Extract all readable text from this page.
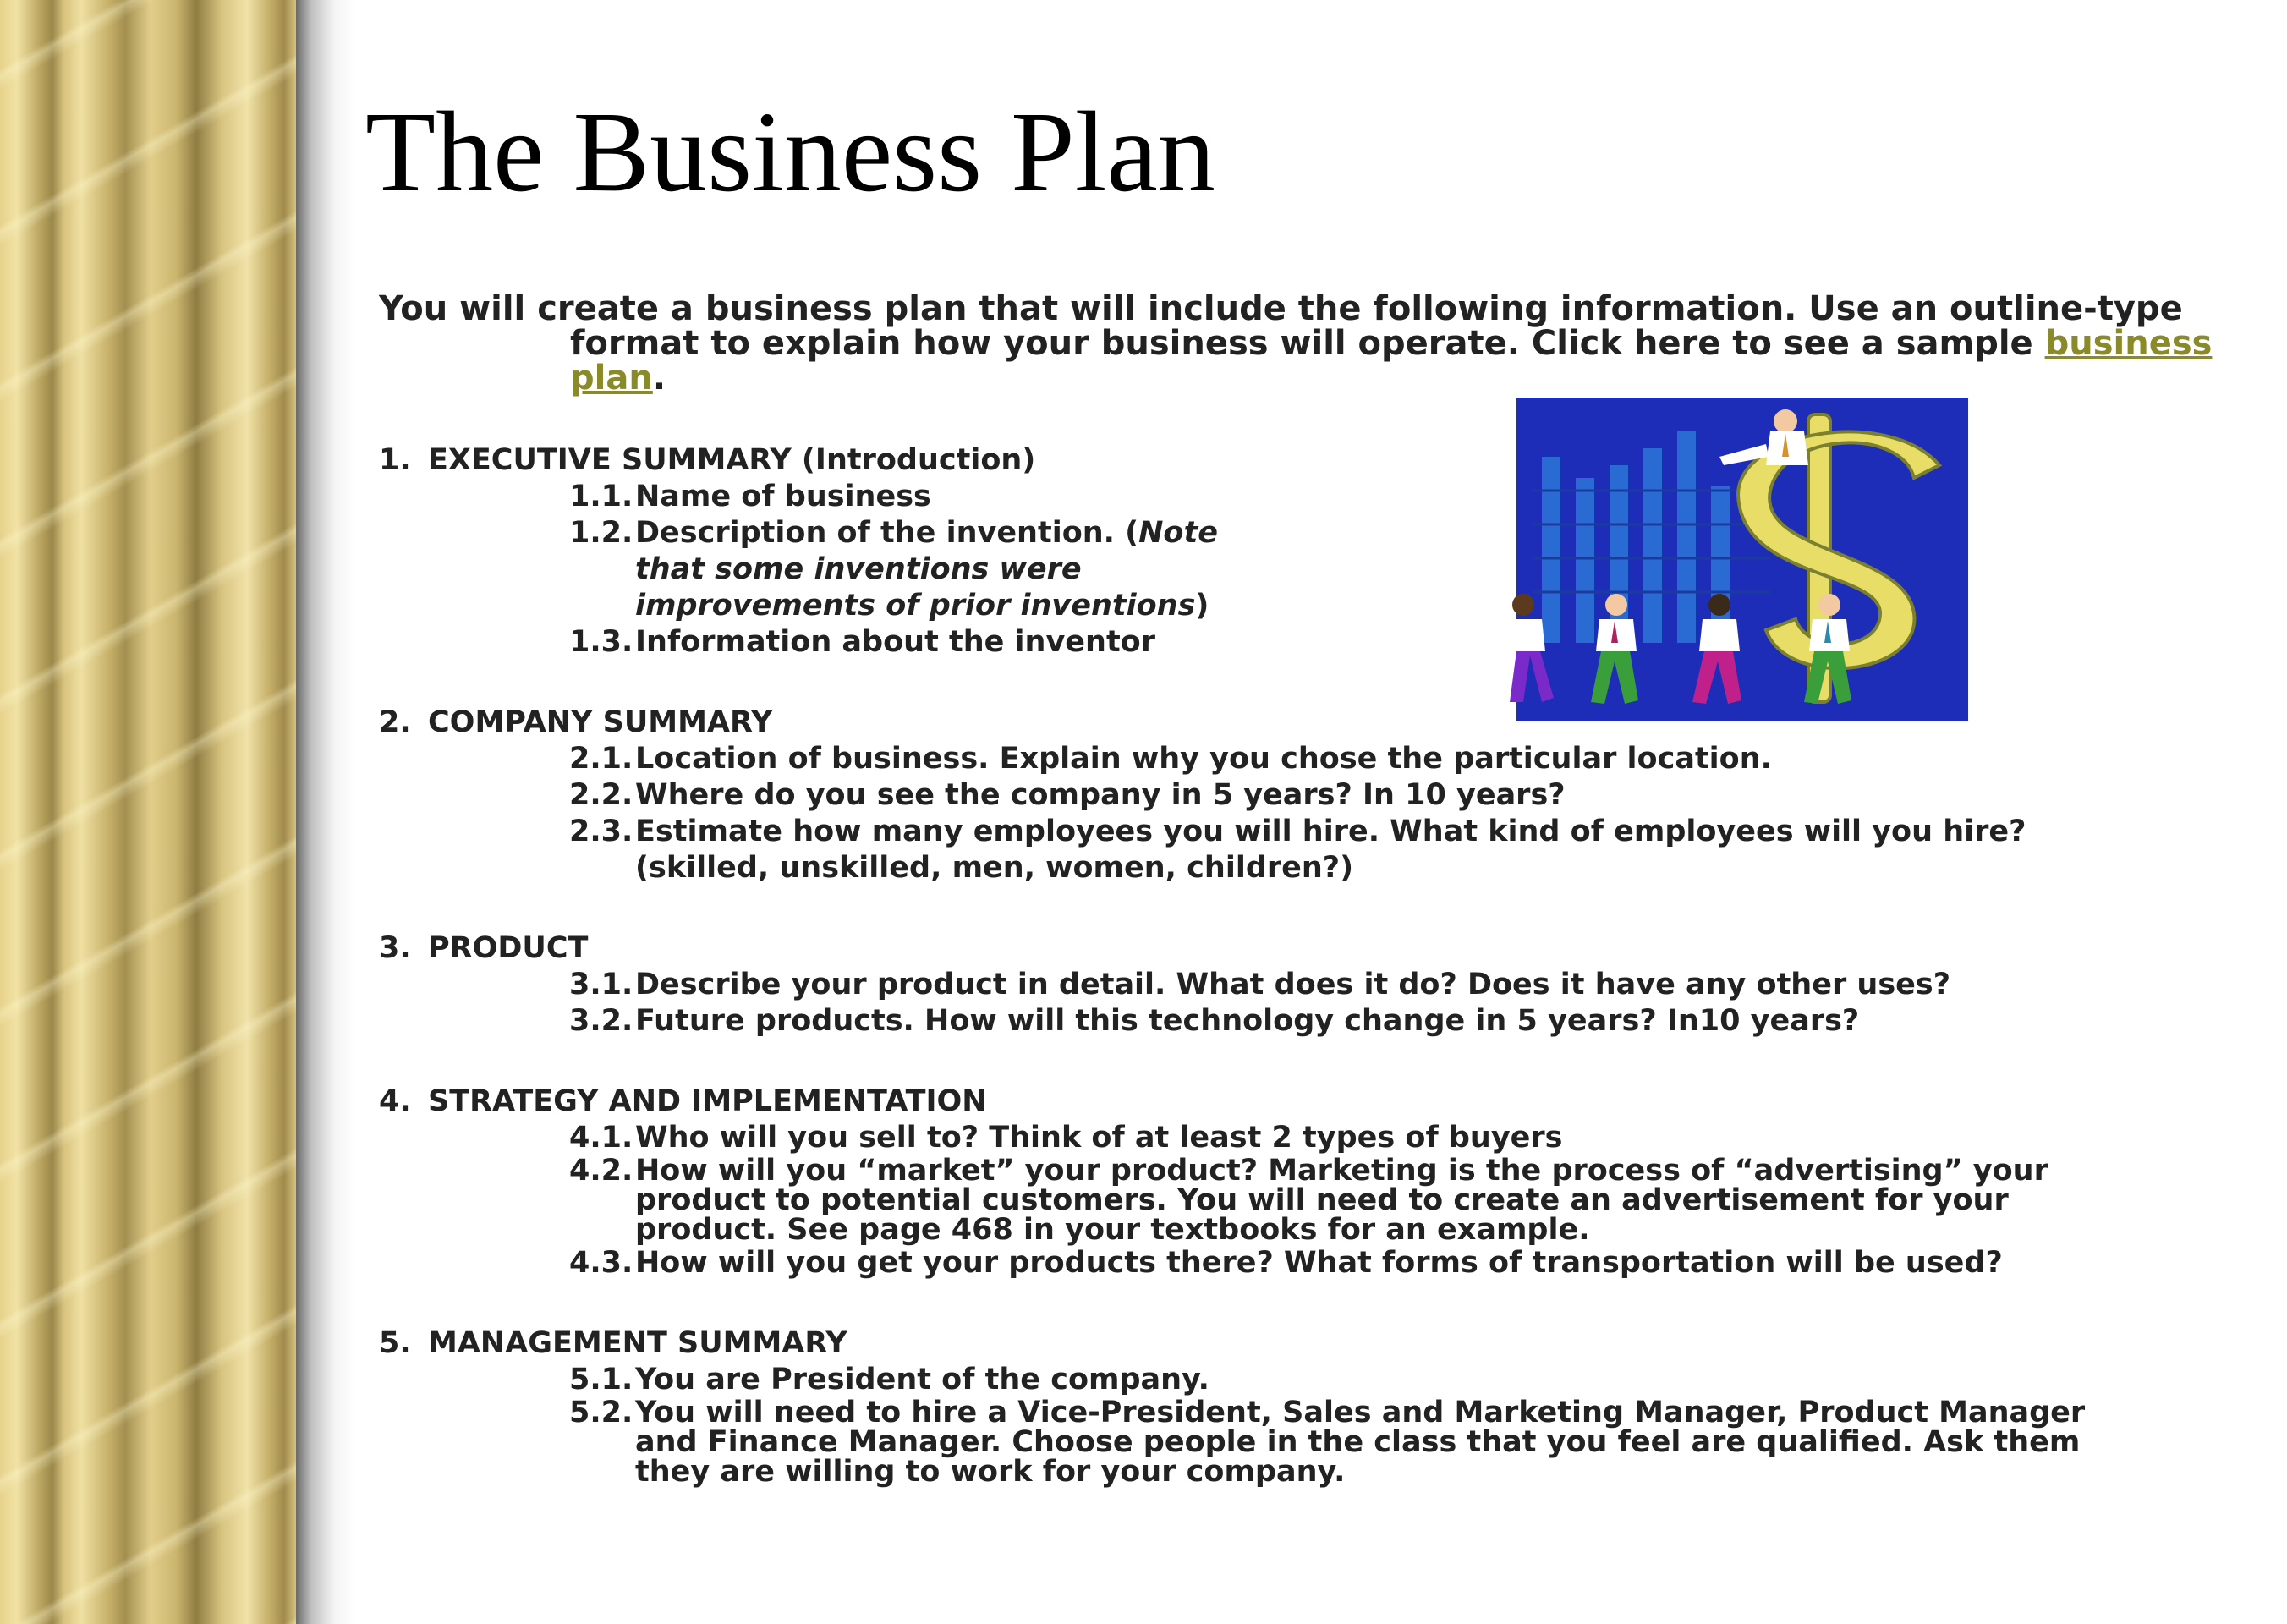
The Business Plan

You will create a business plan that will include the following information. Use an outline-type format to explain how your business will operate. Click here to see a sample business plan.

1. EXECUTIVE SUMMARY (Introduction)
1.1. Name of business
1.2. Description of the invention. (Note that some inventions were improvements of prior inventions)
1.3. Information about the inventor
2. COMPANY SUMMARY
2.1. Location of business. Explain why you chose the particular location.
2.2. Where do you see the company in 5 years? In 10 years?
2.3. Estimate how many employees you will hire. What kind of employees will you hire? (skilled, unskilled, men, women, children?)
3. PRODUCT
3.1. Describe your product in detail. What does it do? Does it have any other uses?
3.2. Future products. How will this technology change in 5 years? In10 years?
4. STRATEGY AND IMPLEMENTATION
4.1. Who will you sell to? Think of at least 2 types of buyers
4.2. How will you “market” your product? Marketing is the process of “advertising” your product to potential customers. You will need to create an advertisement for your product. See page 468 in your textbooks for an example.
4.3. How will you get your products there? What forms of transportation will be used?
5. MANAGEMENT SUMMARY
5.1. You are President of the company.
5.2. You will need to hire a Vice-President, Sales and Marketing Manager, Product Manager and Finance Manager. Choose people in the class that you feel are qualified. Ask them they are willing to work for your company.
